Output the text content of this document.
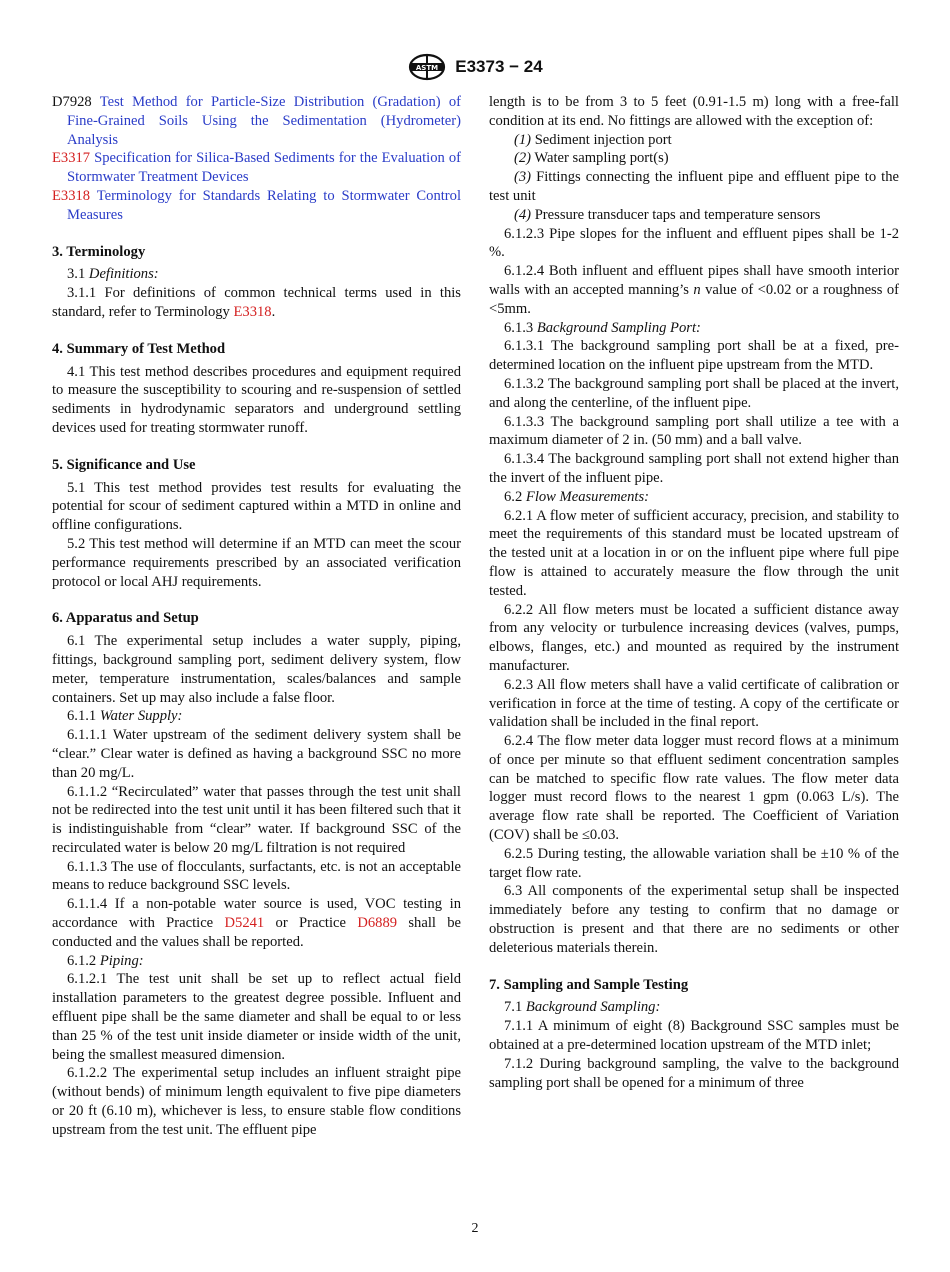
ASTM E3373 − 24

D7928 Test Method for Particle-Size Distribution (Gradation) of Fine-Grained Soils Using the Sedimentation (Hydrometer) Analysis

E3317 Specification for Silica-Based Sediments for the Evaluation of Stormwater Treatment Devices

E3318 Terminology for Standards Relating to Stormwater Control Measures

3. Terminology

3.1 Definitions:

3.1.1 For definitions of common technical terms used in this standard, refer to Terminology E3318.

4. Summary of Test Method

4.1 This test method describes procedures and equipment required to measure the susceptibility to scouring and re-suspension of settled sediments in hydrodynamic separators and underground settling devices used for treating stormwater runoff.

5. Significance and Use

5.1 This test method provides test results for evaluating the potential for scour of sediment captured within a MTD in online and offline configurations.

5.2 This test method will determine if an MTD can meet the scour performance requirements prescribed by an associated verification protocol or local AHJ requirements.

6. Apparatus and Setup

6.1 The experimental setup includes a water supply, piping, fittings, background sampling port, sediment delivery system, flow meter, temperature instrumentation, scales/balances and sample containers. Set up may also include a false floor.

6.1.1 Water Supply:

6.1.1.1 Water upstream of the sediment delivery system shall be “clear.” Clear water is defined as having a background SSC no more than 20 mg/L.

6.1.1.2 “Recirculated” water that passes through the test unit shall not be redirected into the test unit until it has been filtered such that it is indistinguishable from “clear” water. If background SSC of the recirculated water is below 20 mg/L filtration is not required

6.1.1.3 The use of flocculants, surfactants, etc. is not an acceptable means to reduce background SSC levels.

6.1.1.4 If a non-potable water source is used, VOC testing in accordance with Practice D5241 or Practice D6889 shall be conducted and the values shall be reported.

6.1.2 Piping:

6.1.2.1 The test unit shall be set up to reflect actual field installation parameters to the greatest degree possible. Influent and effluent pipe shall be the same diameter and shall be equal to or less than 25 % of the test unit inside diameter or inside width of the unit, being the smallest measured dimension.

6.1.2.2 The experimental setup includes an influent straight pipe (without bends) of minimum length equivalent to five pipe diameters or 20 ft (6.10 m), whichever is less, to ensure stable flow conditions upstream from the test unit. The effluent pipe

length is to be from 3 to 5 feet (0.91-1.5 m) long with a free-fall condition at its end. No fittings are allowed with the exception of:

(1) Sediment injection port

(2) Water sampling port(s)

(3) Fittings connecting the influent pipe and effluent pipe to the test unit

(4) Pressure transducer taps and temperature sensors

6.1.2.3 Pipe slopes for the influent and effluent pipes shall be 1-2 %.

6.1.2.4 Both influent and effluent pipes shall have smooth interior walls with an accepted manning’s n value of <0.02 or a roughness of <5mm.

6.1.3 Background Sampling Port:

6.1.3.1 The background sampling port shall be at a fixed, pre-determined location on the influent pipe upstream from the MTD.

6.1.3.2 The background sampling port shall be placed at the invert, and along the centerline, of the influent pipe.

6.1.3.3 The background sampling port shall utilize a tee with a maximum diameter of 2 in. (50 mm) and a ball valve.

6.1.3.4 The background sampling port shall not extend higher than the invert of the influent pipe.

6.2 Flow Measurements:

6.2.1 A flow meter of sufficient accuracy, precision, and stability to meet the requirements of this standard must be located upstream of the tested unit at a location in or on the influent pipe where full pipe flow is attained to accurately measure the flow through the unit tested.

6.2.2 All flow meters must be located a sufficient distance away from any velocity or turbulence increasing devices (valves, pumps, elbows, flanges, etc.) and mounted as required by the instrument manufacturer.

6.2.3 All flow meters shall have a valid certificate of calibration or verification in force at the time of testing. A copy of the certificate or validation shall be included in the final report.

6.2.4 The flow meter data logger must record flows at a minimum of once per minute so that effluent sediment concentration samples can be matched to specific flow rate values. The flow meter data logger must record flows to the nearest 1 gpm (0.063 L/s). The average flow rate shall be reported. The Coefficient of Variation (COV) shall be ≤0.03.

6.2.5 During testing, the allowable variation shall be ±10 % of the target flow rate.

6.3 All components of the experimental setup shall be inspected immediately before any testing to confirm that no damage or obstruction is present and that there are no sediments or other deleterious materials therein.

7. Sampling and Sample Testing

7.1 Background Sampling:

7.1.1 A minimum of eight (8) Background SSC samples must be obtained at a pre-determined location upstream of the MTD inlet;

7.1.2 During background sampling, the valve to the background sampling port shall be opened for a minimum of three

2
